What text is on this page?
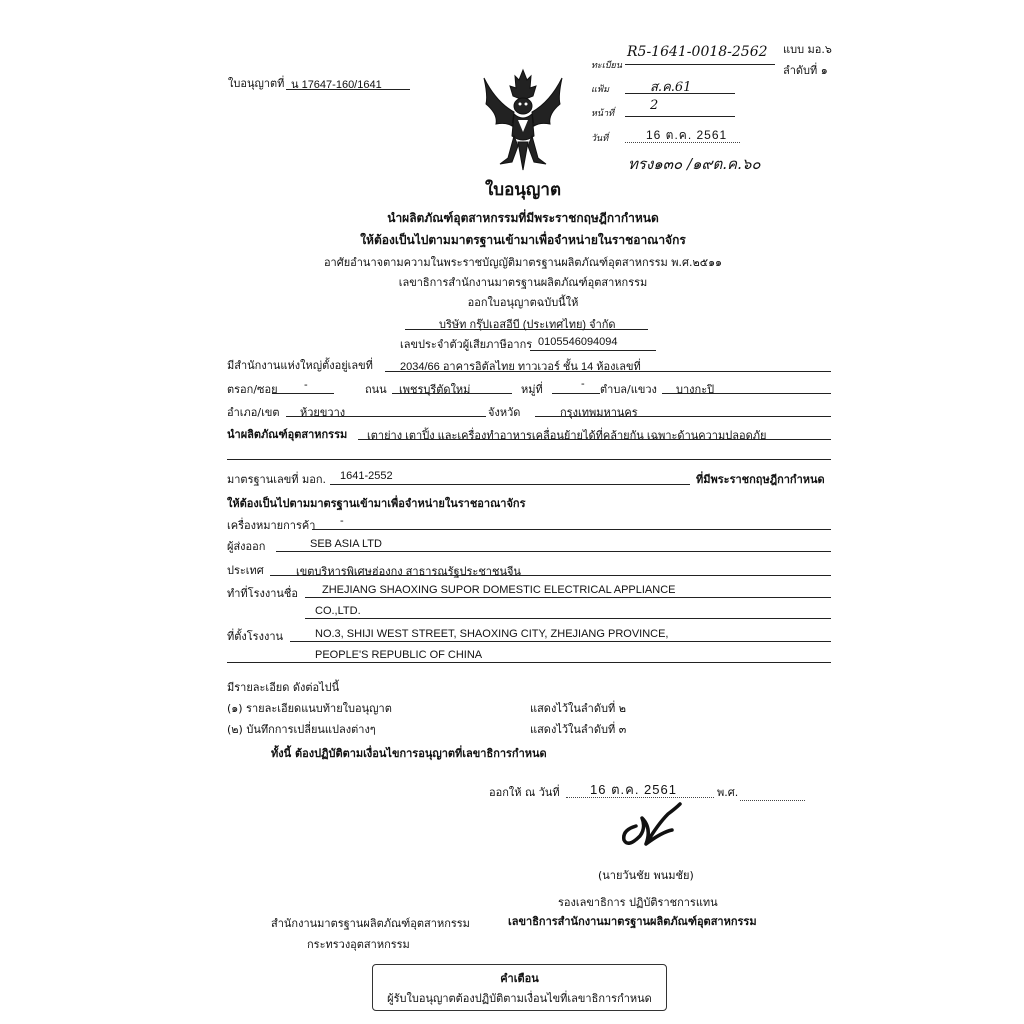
แบบ มอ.๖
ลำดับที่ ๑
ทะเบียน
R5-1641-0018-2562
แฟ้ม	ส.ค.61
หน้าที่
2
วันที่	16 ต.ค. 2561
ทรง๑๓๐ /๑๙ต.ค.๖๐
ใบอนุญาตที่ น 17647-160/1641
ใบอนุญาต
นำผลิตภัณฑ์อุตสาหกรรมที่มีพระราชกฤษฎีกากำหนด
ให้ต้องเป็นไปตามมาตรฐานเข้ามาเพื่อจำหน่ายในราชอาณาจักร
อาศัยอำนาจตามความในพระราชบัญญัติมาตรฐานผลิตภัณฑ์อุตสาหกรรม พ.ศ.๒๕๑๑
เลขาธิการสำนักงานมาตรฐานผลิตภัณฑ์อุตสาหกรรม
ออกใบอนุญาตฉบับนี้ให้
บริษัท กรุ๊ปเอสอีบี (ประเทศไทย) จำกัด
เลขประจำตัวผู้เสียภาษีอากร 0105546094094
มีสำนักงานแห่งใหญ่ตั้งอยู่เลขที่ 2034/66 อาคารอิตัลไทย ทาวเวอร์ ชั้น 14 ห้องเลขที่
ตรอก/ซอย -	ถนน เพชรบุรีตัดใหม่	หมู่ที่	- ตำบล/แขวง บางกะปิ
อำเภอ/เขต ห้วยขวาง	จังหวัด	กรุงเทพมหานคร
นำผลิตภัณฑ์อุตสาหกรรม เตาย่าง เตาปิ้ง และเครื่องทำอาหารเคลื่อนย้ายได้ที่คล้ายกัน เฉพาะด้านความปลอดภัย
มาตรฐานเลขที่ มอก. 1641-2552	ที่มีพระราชกฤษฎีกากำหนด
ให้ต้องเป็นไปตามมาตรฐานเข้ามาเพื่อจำหน่ายในราชอาณาจักร
เครื่องหมายการค้า -
ผู้ส่งออก	SEB ASIA LTD
ประเทศ	เขตบริหารพิเศษฮ่องกง สาธารณรัฐประชาชนจีน
ทำที่โรงงานชื่อ ZHEJIANG SHAOXING SUPOR DOMESTIC ELECTRICAL APPLIANCE
CO.,LTD.
ที่ตั้งโรงงาน	NO.3, SHIJI WEST STREET, SHAOXING CITY, ZHEJIANG PROVINCE,
PEOPLE'S REPUBLIC OF CHINA
มีรายละเอียด ดังต่อไปนี้
(๑) รายละเอียดแนบท้ายใบอนุญาต	แสดงไว้ในลำดับที่ ๒
(๒) บันทึกการเปลี่ยนแปลงต่างๆ	แสดงไว้ในลำดับที่ ๓
ทั้งนี้ ต้องปฏิบัติตามเงื่อนไขการอนุญาตที่เลขาธิการกำหนด
ออกให้ ณ วันที่ 16 ต.ค. 2561	พ.ศ.
(นายวันชัย พนมชัย)
รองเลขาธิการ ปฏิบัติราชการแทน
เลขาธิการสำนักงานมาตรฐานผลิตภัณฑ์อุตสาหกรรม
สำนักงานมาตรฐานผลิตภัณฑ์อุตสาหกรรม
กระทรวงอุตสาหกรรม
คำเตือน
ผู้รับใบอนุญาตต้องปฏิบัติตามเงื่อนไขที่เลขาธิการกำหนด
